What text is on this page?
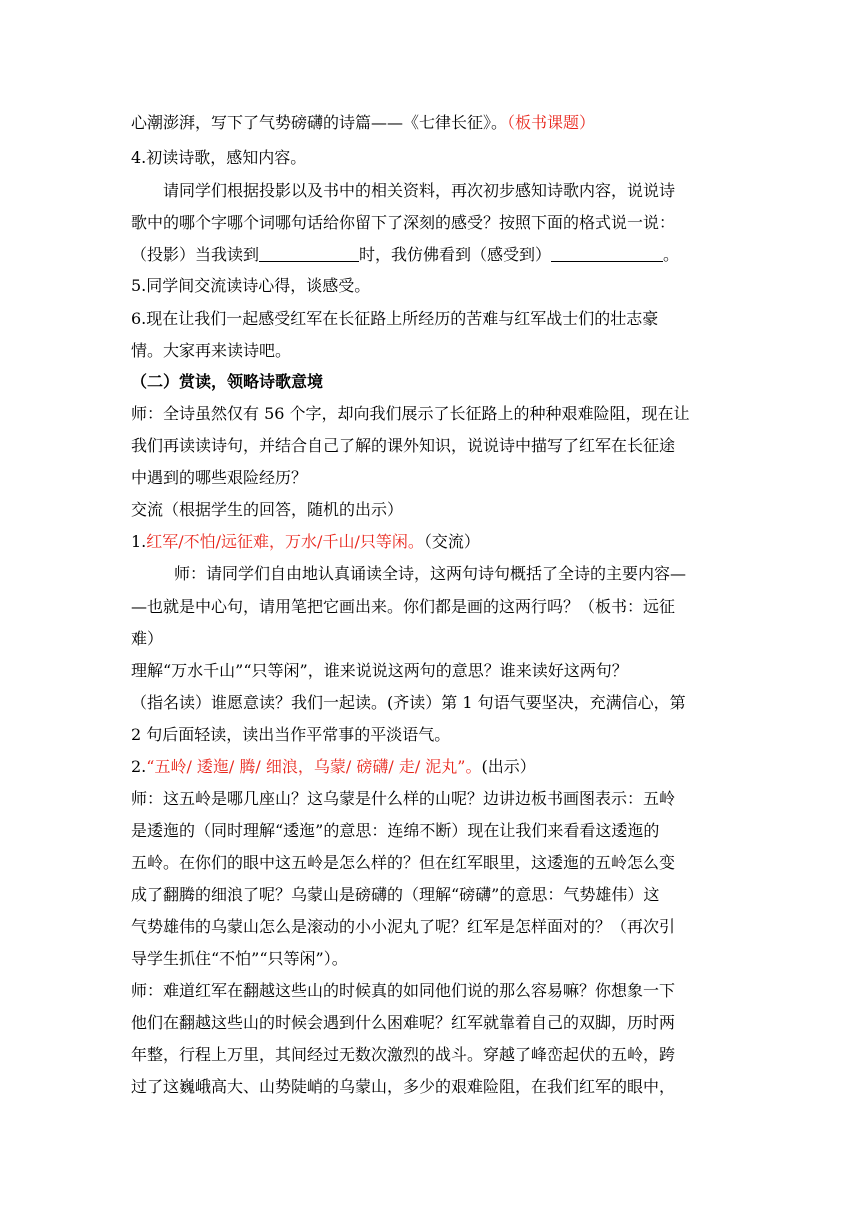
心潮澎湃，写下了气势磅礴的诗篇——《七律长征》。（板书课题）
4.初读诗歌，感知内容。
请同学们根据投影以及书中的相关资料，再次初步感知诗歌内容，说说诗
歌中的哪个字哪个词哪句话给你留下了深刻的感受？按照下面的格式说一说：
（投影）当我读到	时，我仿佛看到（感受到）	。
5.同学间交流读诗心得，谈感受。
6.现在让我们一起感受红军在长征路上所经历的苦难与红军战士们的壮志豪
情。大家再来读诗吧。
（二）赏读，领略诗歌意境
师：全诗虽然仅有 56 个字，却向我们展示了长征路上的种种艰难险阻，现在让
我们再读读诗句，并结合自己了解的课外知识，说说诗中描写了红军在长征途
中遇到的哪些艰险经历？
交流（根据学生的回答，随机的出示）
1.红军/不怕/远征难，万水/千山/只等闲。（交流）
师：请同学们自由地认真诵读全诗，这两句诗句概括了全诗的主要内容—
—也就是中心句，请用笔把它画出来。你们都是画的这两行吗？（板书：远征
难）
理解“万水千山”“只等闲”，谁来说说这两句的意思？谁来读好这两句？
（指名读）谁愿意读？我们一起读。(齐读）第 1 句语气要坚决，充满信心，第
2 句后面轻读，读出当作平常事的平淡语气。
2.“五岭/ 逶迤/ 腾/ 细浪，乌蒙/ 磅礴/ 走/ 泥丸”。(出示）
师：这五岭是哪几座山？这乌蒙是什么样的山呢？边讲边板书画图表示：五岭
是逶迤的（同时理解“逶迤”的意思：连绵不断）现在让我们来看看这逶迤的
五岭。在你们的眼中这五岭是怎么样的？但在红军眼里，这逶迤的五岭怎么变
成了翻腾的细浪了呢？乌蒙山是磅礴的（理解“磅礴”的意思：气势雄伟）这
气势雄伟的乌蒙山怎么是滚动的小小泥丸了呢？红军是怎样面对的？（再次引
导学生抓住“不怕”“只等闲”）。
师：难道红军在翻越这些山的时候真的如同他们说的那么容易嘛？你想象一下
他们在翻越这些山的时候会遇到什么困难呢？红军就靠着自己的双脚，历时两
年整，行程上万里，其间经过无数次激烈的战斗。穿越了峰峦起伏的五岭，跨
过了这巍峨高大、山势陡峭的乌蒙山，多少的艰难险阻，在我们红军的眼中，
